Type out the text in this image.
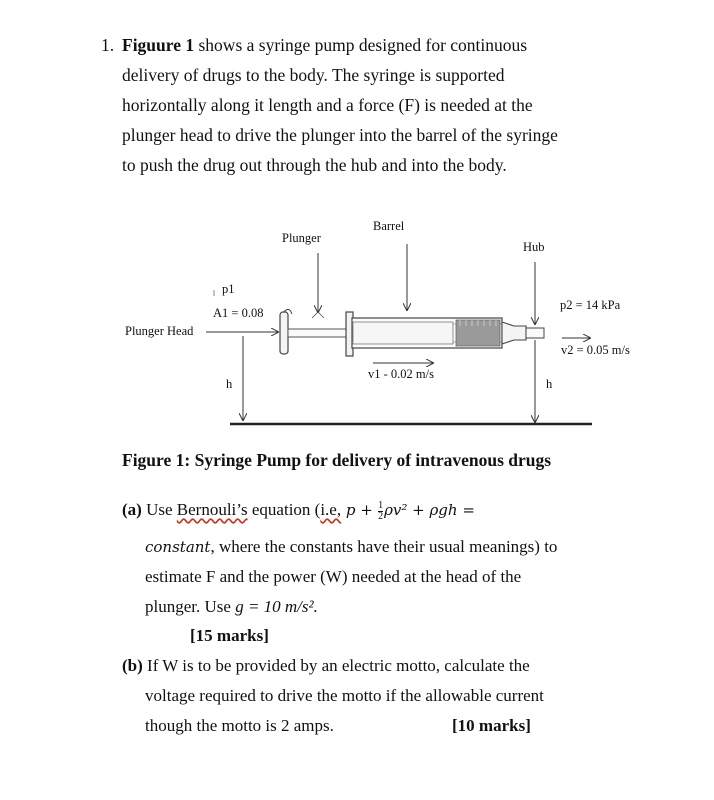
1. Figuure 1 shows a syringe pump designed for continuous
delivery of drugs to the body. The syringe is supported
horizontally along it length and a force (F) is needed at the
plunger head to drive the plunger into the barrel of the syringe
to push the drug out through the hub and into the body.
Barrel
Plunger
Hub
p1
A1 = 0.08
Plunger Head
p2 = 14 kPa
v2 = 0.05 m/s
v1 - 0.02 m/s
h	h
Figure 1: Syringe Pump for delivery of intravenous drugs
(a) Use Bernouli’s equation (i.e, $p + \frac{1}{2} \rho v^2 + \rho gh$ =
constant, where the constants have their usual meanings) to
estimate F and the power (W) needed at the head of the
plunger. Use g = 10 m/s².
[15 marks]
(b) If W is to be provided by an electric motto, calculate the
voltage required to drive the motto if the allowable current
though the motto is 2 amps.	[10 marks]
